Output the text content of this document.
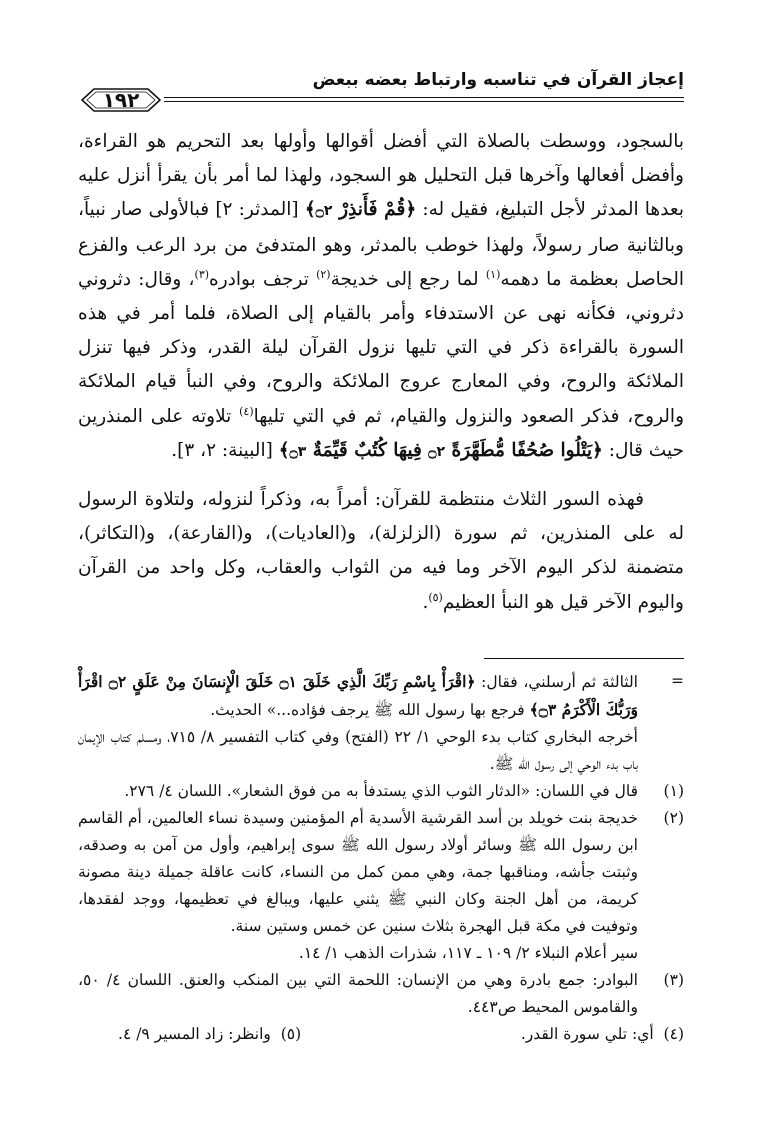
إعجاز القرآن في تناسبه وارتباط بعضه ببعض
١٩٢

بالسجود، ووسطت بالصلاة التي أفضل أقوالها وأولها بعد التحريم هو القراءة، وأفضل أفعالها وآخرها قبل التحليل هو السجود، ولهذا لما أمر بأن يقرأ أنزل عليه بعدها المدثر لأجل التبليغ، فقيل له: ﴿قُمْ فَأَنذِرْ ۝٢﴾ [المدثر: ٢] فبالأولى صار نبياً، وبالثانية صار رسولاً، ولهذا خوطب بالمدثر، وهو المتدفئ من برد الرعب والفزع الحاصل بعظمة ما دهمه$^{(١)}$ لما رجع إلى خديجة$^{(٢)}$ ترجف بوادره$^{(٣)}$، وقال: دثروني دثروني، فكأنه نهى عن الاستدفاء وأمر بالقيام إلى الصلاة، فلما أمر في هذه السورة بالقراءة ذكر في التي تليها نزول القرآن ليلة القدر، وذكر فيها تنزل الملائكة والروح، وفي المعارج عروج الملائكة والروح، وفي النبأ قيام الملائكة والروح، فذكر الصعود والنزول والقيام، ثم في التي تليها$^{(٤)}$ تلاوته على المنذرين حيث قال: ﴿يَتْلُوا صُحُفًا مُّطَهَّرَةً ۝٢ فِيهَا كُتُبٌ قَيِّمَةٌ ۝٣﴾ [البينة: ٢، ٣].

فهذه السور الثلاث منتظمة للقرآن: أمراً به، وذكراً لنزوله، ولتلاوة الرسول له على المنذرين، ثم سورة (الزلزلة)، و(العاديات)، و(القارعة)، و(التكاثر)، متضمنة لذكر اليوم الآخر وما فيه من الثواب والعقاب، وكل واحد من القرآن واليوم الآخر قيل هو النبأ العظيم$^{(٥)}$.

=
الثالثة ثم أرسلني، فقال: ﴿اقْرَأْ بِاسْمِ رَبِّكَ الَّذِي خَلَقَ ۝١ خَلَقَ الْإِنسَانَ مِنْ عَلَقٍ ۝٢ اقْرَأْ وَرَبُّكَ الْأَكْرَمُ ۝٣﴾ فرجع بها رسول الله ﷺ يرجف فؤاده...» الحديث.
أخرجه البخاري كتاب بدء الوحي ١/ ٢٢ (الفتح) وفي كتاب التفسير ٨/ ٧١٥، ومسلم كتاب الإيمان باب بدء الوحي إلى رسول الله ﷺ.
(١)
قال في اللسان: «الدثار الثوب الذي يستدفأ به من فوق الشعار». اللسان ٤/ ٢٧٦.
(٢)
خديجة بنت خويلد بن أسد القرشية الأسدية أم المؤمنين وسيدة نساء العالمين، أم القاسم ابن رسول الله ﷺ وسائر أولاد رسول الله ﷺ سوى إبراهيم، وأول من آمن به وصدقه، وثبتت جأشه، ومناقبها جمة، وهي ممن كمل من النساء، كانت عاقلة جميلة دينة مصونة كريمة، من أهل الجنة وكان النبي ﷺ يثني عليها، ويبالغ في تعظيمها، ووجد لفقدها، وتوفيت في مكة قبل الهجرة بثلاث سنين عن خمس وستين سنة.
سير أعلام النبلاء ٢/ ١٠٩ ـ ١١٧، شذرات الذهب ١/ ١٤.
(٣)
البوادر: جمع بادرة وهي من الإنسان: اللحمة التي بين المنكب والعنق. اللسان ٤/ ٥٠، والقاموس المحيط ص٤٤٣.
(٤)  أي: تلي سورة القدر.
(٥)  وانظر: زاد المسير ٩/ ٤.
